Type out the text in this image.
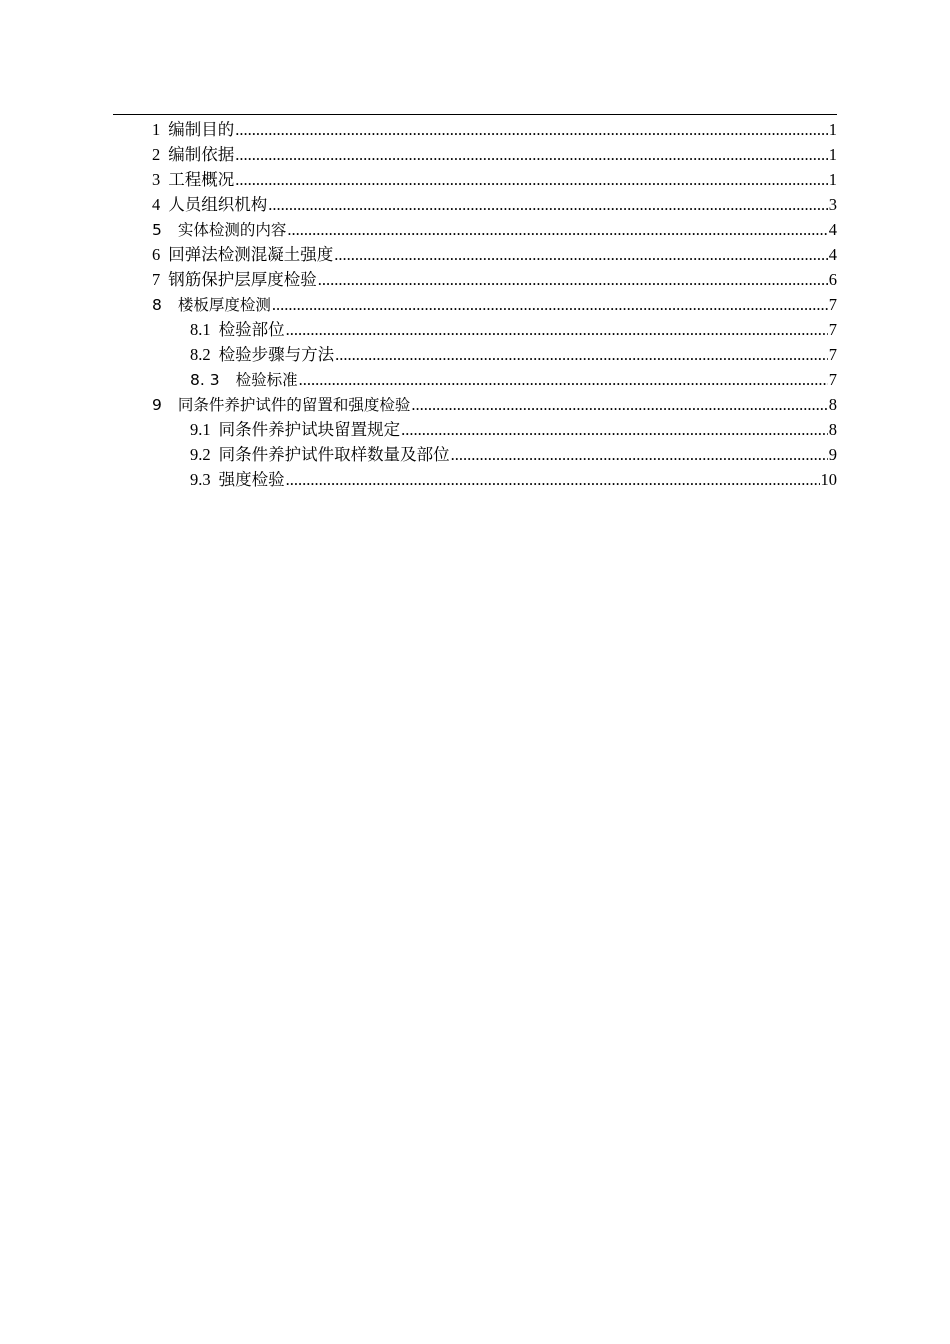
1 编制目的 .....	1
2 编制依据 .....	1
3 工程概况 .....	1
4 人员组织机构 .....	3
5	实体检测的内容 .....	4
6 回弹法检测混凝土强度 .....	4
7 钢筋保护层厚度检验 .....	6
8	楼板厚度检测 .....	7
8.1 检验部位 .....	7
8.2 检验步骤与方法 .....	7
8. 3	检验标准 .....	7
9	同条件养护试件的留置和强度检验 .....	8
9.1 同条件养护试块留置规定 .....	8
9.2 同条件养护试件取样数量及部位 .....	9
9.3 强度检验 .....	10
